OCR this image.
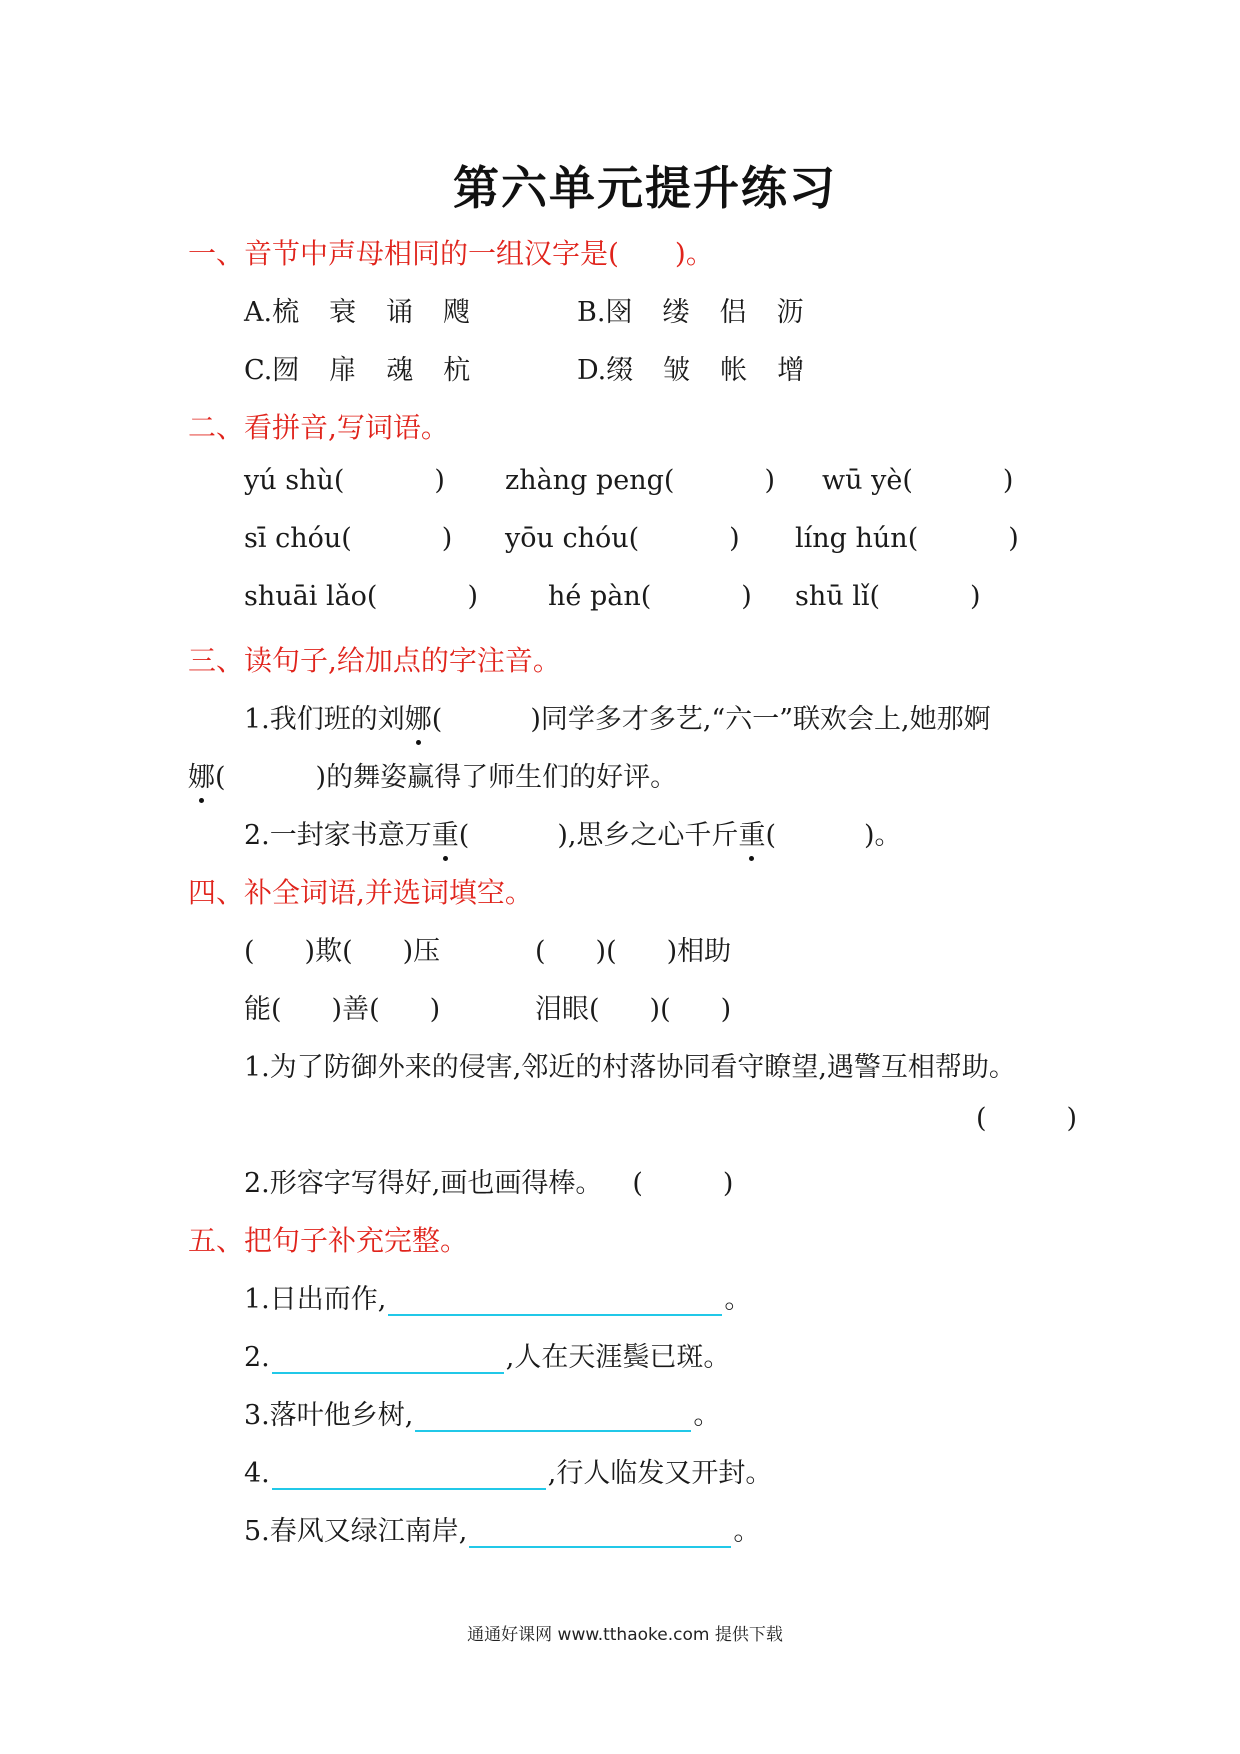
第六单元提升练习
一、音节中声母相同的一组汉字是(　　)。
A.梳 衰 诵 飕	B.囹 缕 侣 沥
C.囫 扉 魂 杭	D.缀 皱 帐 增
二、看拼音,写词语。
yú shù(	) zhàng peng(	) wū yè(	)
sī chóu(	) yōu chóu(	) líng hún(	)
shuāi lǎo(	)	hé pàn(	) shū lǐ(	)
三、读句子,给加点的字注音。
1.我们班的刘娜(	)同学多才多艺,“六一”联欢会上,她那婀
娜(	)的舞姿赢得了师生们的好评。
2.一封家书意万重(	),思乡之心千斤重(	)。
四、补全词语,并选词填空。
( )欺( )压	( )( )相助
能( )善( )	泪眼( )( )
1.为了防御外来的侵害,邻近的村落协同看守瞭望,遇警互相帮助。
(	)
2.形容字写得好,画也画得棒。 (	)
五、把句子补充完整。
1.日出而作,	。
2.	,人在天涯鬓已斑。
3.落叶他乡树,	。
4.	,行人临发又开封。
5.春风又绿江南岸,	。
通通好课网 www.tthaoke.com 提供下载
